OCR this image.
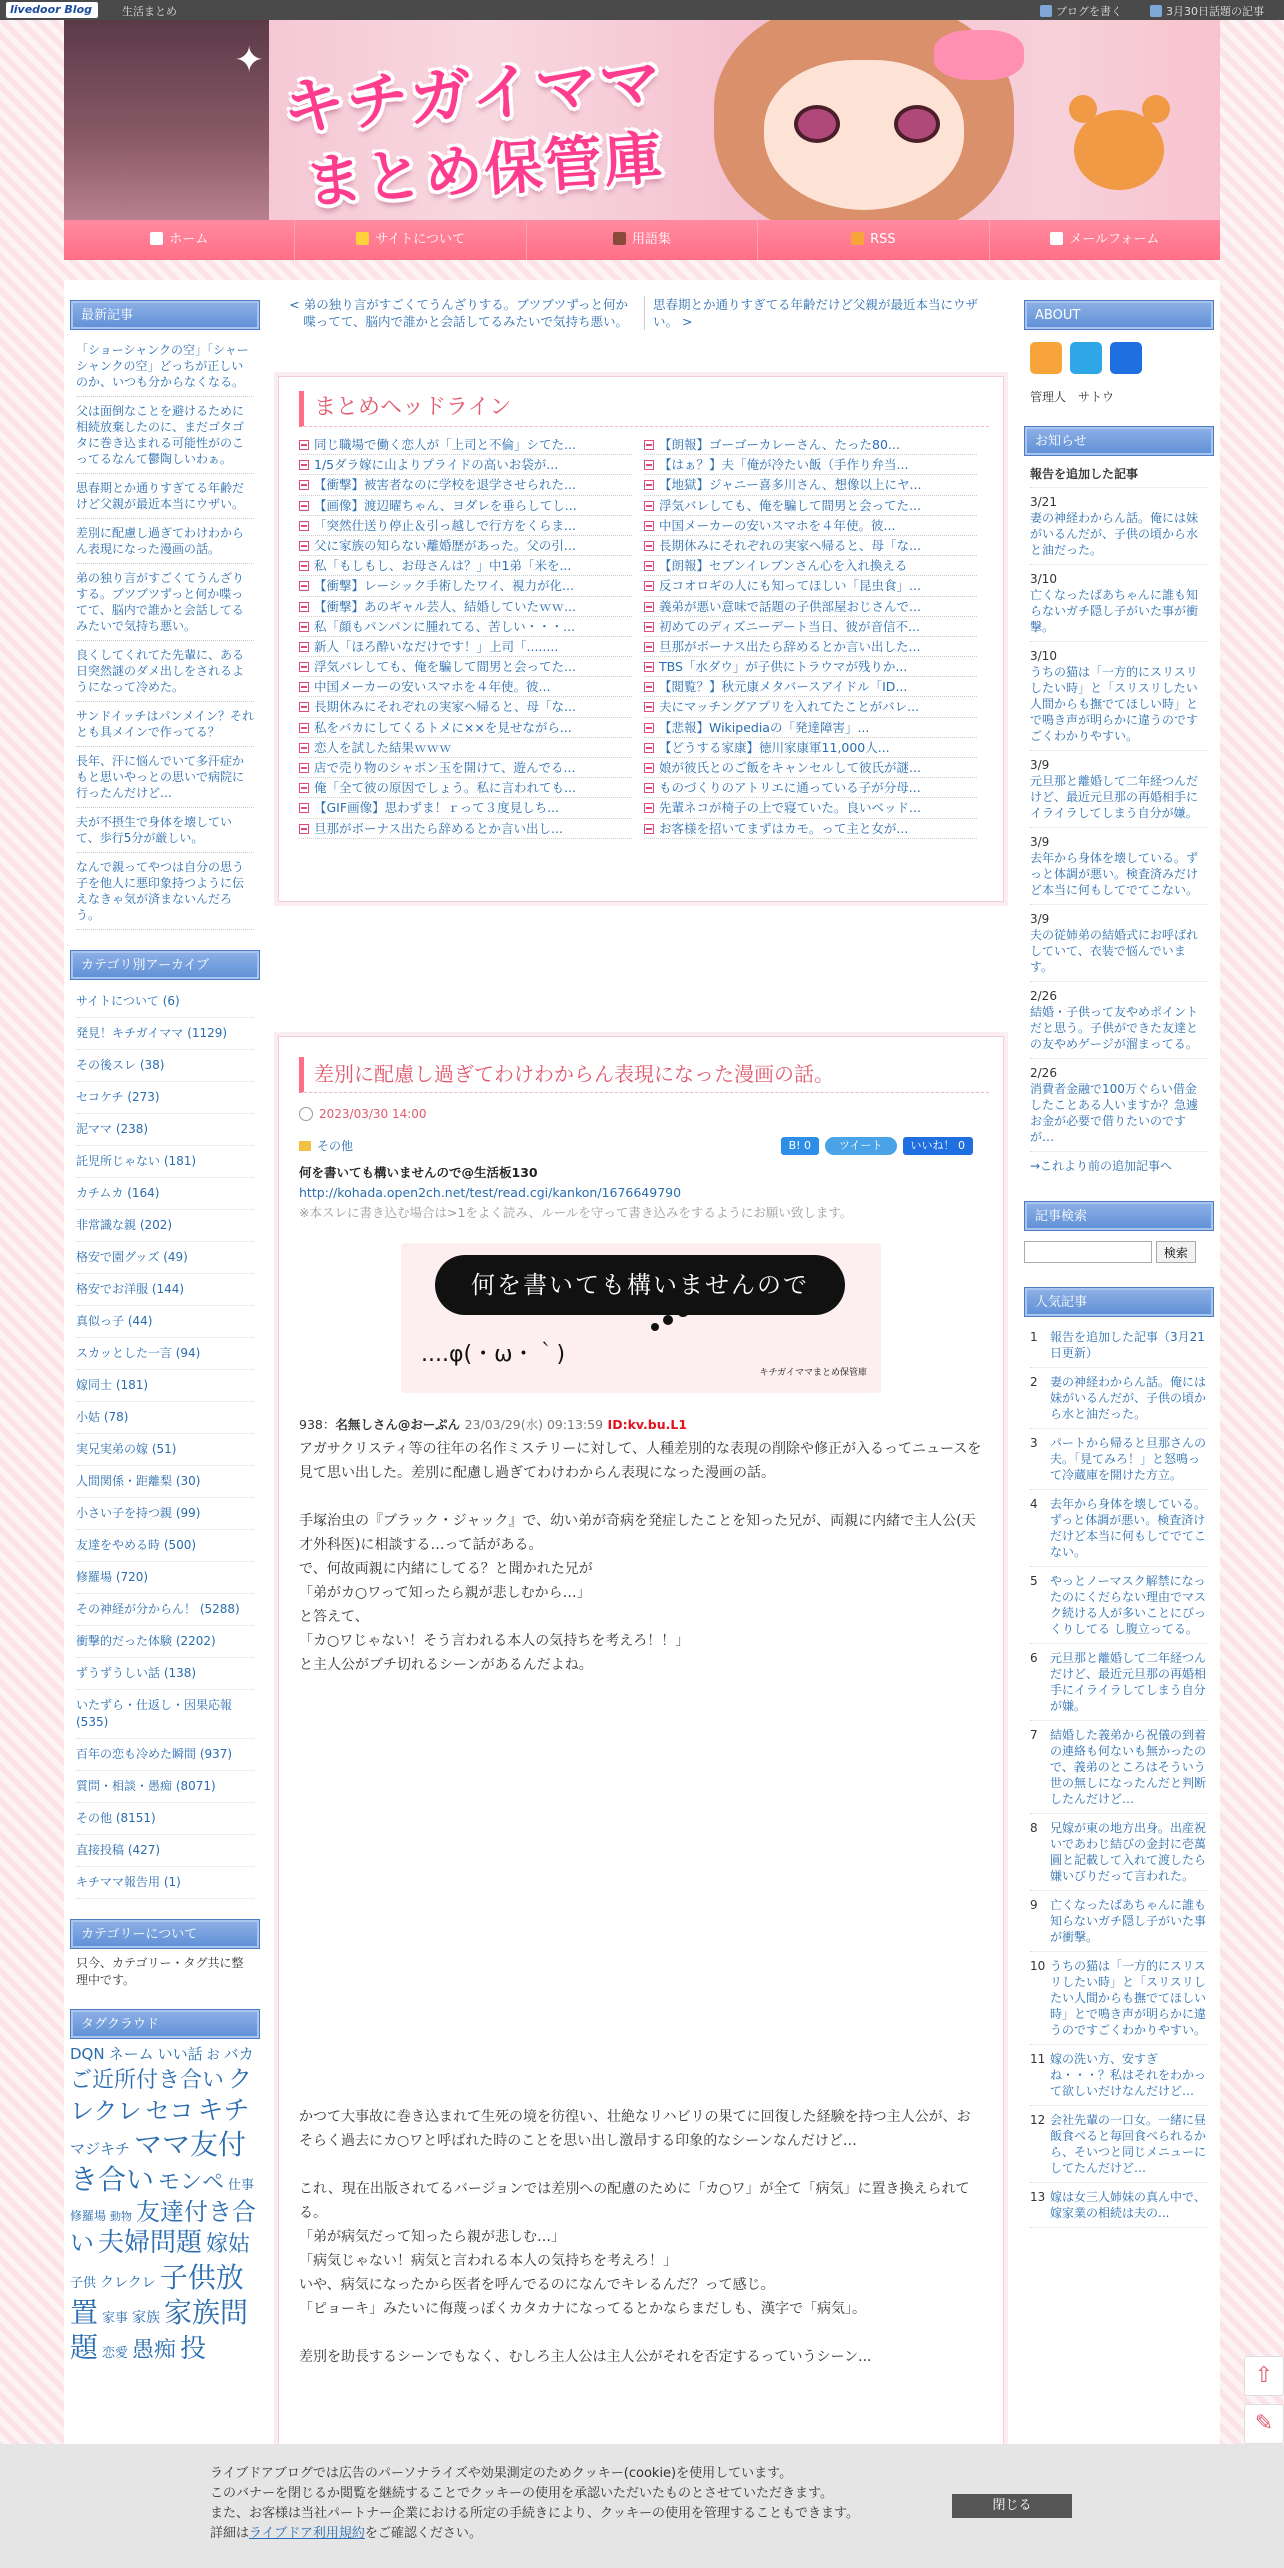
livedoor Blog	生活まとめ	ブログを書く	3月30日話題の記事
✦ キチガイママ
まとめ保管庫
ホーム	サイトについて	用語集	RSS	メールフォーム
最新記事
「ショーシャンクの空」「シャーシャンクの空」どっちが正しいのか、いつも分からなくなる。
父は面倒なことを避けるために相続放棄したのに、まだゴタゴタに巻き込まれる可能性がのこってるなんて鬱陶しいわぁ。
思春期とか通りすぎてる年齢だけど父親が最近本当にウザい。
差別に配慮し過ぎてわけわからん表現になった漫画の話。
弟の独り言がすごくてうんざりする。ブツブツずっと何か喋ってて、脳内で誰かと会話してるみたいで気持ち悪い。
良くしてくれてた先輩に、ある日突然謎のダメ出しをされるようになって冷めた。
サンドイッチはパンメイン？それとも具メインで作ってる？
長年、汗に悩んでいて多汗症かもと思いやっとの思いで病院に行ったんだけど…
夫が不摂生で身体を壊していて、歩行5分が厳しい。
なんで親ってやつは自分の思う子を他人に悪印象持つように伝えなきゃ気が済まないんだろう。
カテゴリ別アーカイブ
サイトについて (6)
発見！キチガイママ (1129)
その後スレ (38)
セコケチ (273)
泥ママ (238)
託児所じゃない (181)
カチムカ (164)
非常識な親 (202)
格安で園グッズ (49)
格安でお洋服 (144)
真似っ子 (44)
スカッとした一言 (94)
嫁同士 (181)
小姑 (78)
実兄実弟の嫁 (51)
人間関係・距離梨 (30)
小さい子を持つ親 (99)
友達をやめる時 (500)
修羅場 (720)
その神経が分からん！ (5288)
衝撃的だった体験 (2202)
ずうずうしい話 (138)
いたずら・仕返し・因果応報 (535)
百年の恋も冷めた瞬間 (937)
質問・相談・愚痴 (8071)
その他 (8151)
直接投稿 (427)
キチママ報告用 (1)
カテゴリーについて
只今、カテゴリー・タグ共に整理中です。
タグクラウド
DQN ネーム いい話 お バカご近所付き合い クレクレ セコ キチマジキチ ママ友付き合い モンペ 仕事修羅場 動物 友達付き合い 夫婦問題 嫁姑子供 クレクレ 子供放置 家事 家族 家族問題 恋愛 愚痴 投
< 弟の独り言がすごくてうんざりする。ブツブツずっと何か喋ってて、脳内で誰かと会話してるみたいで気持ち悪い。
思春期とか通りすぎてる年齢だけど父親が最近本当にウザい。 >
まとめヘッドライン
同じ職場で働く恋人が「上司と不倫」シてた...
1/5ダラ嫁に山よりプライドの高いお袋が...
【衝撃】被害者なのに学校を退学させられた...
【画像】渡辺曜ちゃん、ヨダレを垂らしてし...
「突然仕送り停止＆引っ越しで行方をくらま...
父に家族の知らない離婚歴があった。父の引...
私「もしもし、お母さんは？」中1弟「米を...
【衝撃】レーシック手術したワイ、視力が化...
【衝撃】あのギャル芸人、結婚していたｗｗ...
私「顔もパンパンに腫れてる、苦しい・・・...
新人「ほろ酔いなだけです！」上司「........
浮気バレしても、俺を騙して間男と会ってた...
中国メーカーの安いスマホを４年使。彼...
長期休みにそれぞれの実家へ帰ると、母「な...
私をバカにしてくるトメに××を見せながら...
恋人を試した結果ｗｗｗ
店で売り物のシャボン玉を開けて、遊んでる...
俺「全て彼の原因でしょう。私に言われても...
【GIF画像】思わずま！ｒって３度見しち...
旦那がボーナス出たら辞めるとか言い出し...
【朗報】ゴーゴーカレーさん、たった80...
【はぁ？】夫「俺が冷たい飯（手作り弁当...
【地獄】ジャニー喜多川さん、想像以上にヤ...
浮気バレしても、俺を騙して間男と会ってた...
中国メーカーの安いスマホを４年使。彼...
長期休みにそれぞれの実家へ帰ると、母「な...
【朗報】セブンイレブンさん心を入れ換える
反コオロギの人にも知ってほしい「昆虫食」...
義弟が悪い意味で話題の子供部屋おじさんで...
初めてのディズニーデート当日、彼が音信不...
旦那がボーナス出たら辞めるとか言い出した...
TBS「水ダウ」が子供にトラウマが残りか...
【閲覧？】秋元康メタバースアイドル「ID...
夫にマッチングアプリを入れてたことがバレ...
【悲報】Wikipediaの「発達障害」...
【どうする家康】徳川家康軍11,000人...
娘が彼氏とのご飯をキャンセルして彼氏が謎...
ものづくりのアトリエに通っている子が分母...
先輩ネコが椅子の上で寝ていた。良いベッド...
お客様を招いてまずはカモ。って主と女が...
差別に配慮し過ぎてわけわからん表現になった漫画の話。
2023/03/30 14:00
その他	B! 0	ツイート	いいね！ 0
何を書いても構いませんので@生活板130
http://kohada.open2ch.net/test/read.cgi/kankon/1676649790
※本スレに書き込む場合は>1をよく読み、ルールを守って書き込みをするようにお願い致します。
何を書いても構いませんので
....φ(・ω・｀)
キチガイママまとめ保管庫
938：名無しさん@おーぷん 23/03/29(水) 09:13:59 ID:kv.bu.L1
アガサクリスティ等の往年の名作ミステリーに対して、人種差別的な表現の削除や修正が入るってニュースを見て思い出した。差別に配慮し過ぎてわけわからん表現になった漫画の話。
手塚治虫の『ブラック・ジャック』で、幼い弟が奇病を発症したことを知った兄が、両親に内緒で主人公(天才外科医)に相談する…って話がある。
で、何故両親に内緒にしてる？と聞かれた兄が
「弟がカ○ワって知ったら親が悲しむから…」
と答えて、
「カ○ワじゃない！そう言われる本人の気持ちを考えろ！！」
と主人公がブチ切れるシーンがあるんだよね。
かつて大事故に巻き込まれて生死の境を彷徨い、壮絶なリハビリの果てに回復した経験を持つ主人公が、おそらく過去にカ○ワと呼ばれた時のことを思い出し激昂する印象的なシーンなんだけど…
これ、現在出版されてるバージョンでは差別への配慮のために「カ○ワ」が全て「病気」に置き換えられてる。
「弟が病気だって知ったら親が悲しむ…」
「病気じゃない！病気と言われる本人の気持ちを考えろ！」
いや、病気になったから医者を呼んでるのになんでキレるんだ？って感じ。
「ピョーキ」みたいに侮蔑っぽくカタカナになってるとかならまだしも、漢字で「病気」。
差別を助長するシーンでもなく、むしろ主人公は主人公がそれを否定するっていうシーン...
ABOUT
管理人　サトウ
お知らせ
報告を追加した記事
3/21
妻の神経わからん話。俺には妹がいるんだが、子供の頃から水と油だった。
3/10
亡くなったばあちゃんに誰も知らないガチ隠し子がいた事が衝撃。
3/10
うちの猫は「一方的にスリスリしたい時」と「スリスリしたい人間からも撫でてほしい時」とで鳴き声が明らかに違うのですごくわかりやすい。
3/9
元旦那と離婚して二年経つんだけど、最近元旦那の再婚相手にイライラしてしまう自分が嫌。
3/9
去年から身体を壊している。ずっと体調が悪い。検査済みだけど本当に何もしてでてこない。
3/9
夫の従姉弟の結婚式にお呼ばれしていて、衣装で悩んでいます。
2/26
結婚・子供って友やめポイントだと思う。子供ができた友達との友やめゲージが溜まってる。
2/26
消費者金融で100万ぐらい借金したことある人いますか？急遽お金が必要で借りたいのですが…
→これより前の追加記事へ
記事検索
検索
人気記事
1	報告を追加した記事（3月21日更新）
2	妻の神経わからん話。俺には妹がいるんだが、子供の頃から水と油だった。
3	パートから帰ると旦那さんの夫。「見てみろ！」と怒鳴って冷蔵庫を開けた方立。
4	去年から身体を壊している。ずっと体調が悪い。検査済けだけど本当に何もしてでてこない。
5	やっとノーマスク解禁になったのにくだらない理由でマスク続ける人が多いことにびっくりしてる し腹立ってる。
6	元旦那と離婚して二年経つんだけど、最近元旦那の再婚相手にイライラしてしまう自分が嫌。
7	結婚した義弟から祝儀の到着の連絡も何ないも無かったので、義弟のところはそういう世の無しになったんだと判断したんだけど…
8	兄嫁が東の地方出身。出産祝いであわじ結びの金封に壱萬圓と記載して入れて渡したら嫌いびりだって言われた。
9	亡くなったばあちゃんに誰も知らないガチ隠し子がいた事が衝撃。
10 うちの猫は「一方的にスリスリしたい時」と「スリスリしたい人間からも撫でてほしい時」とで鳴き声が明らかに違うのですごくわかりやすい。
11 嫁の洗い方、安すぎね・・・？私はそれをわかって欲しいだけなんだけど…
12 会社先輩の一口女。一緒に昼飯食べると毎回食べられるから、そいつと同じメニューにしてたんだけど…
13 嫁は女三人姉妹の真ん中で、嫁家業の相続は夫の...
⇧
✎
ライブドアブログでは広告のパーソナライズや効果測定のためクッキー(cookie)を使用しています。
このバナーを閉じるか閲覧を継続することでクッキーの使用を承認いただいたものとさせていただきます。
また、お客様は当社パートナー企業における所定の手続きにより、クッキーの使用を管理することもできます。
詳細はライブドア利用規約をご確認ください。
閉じる
